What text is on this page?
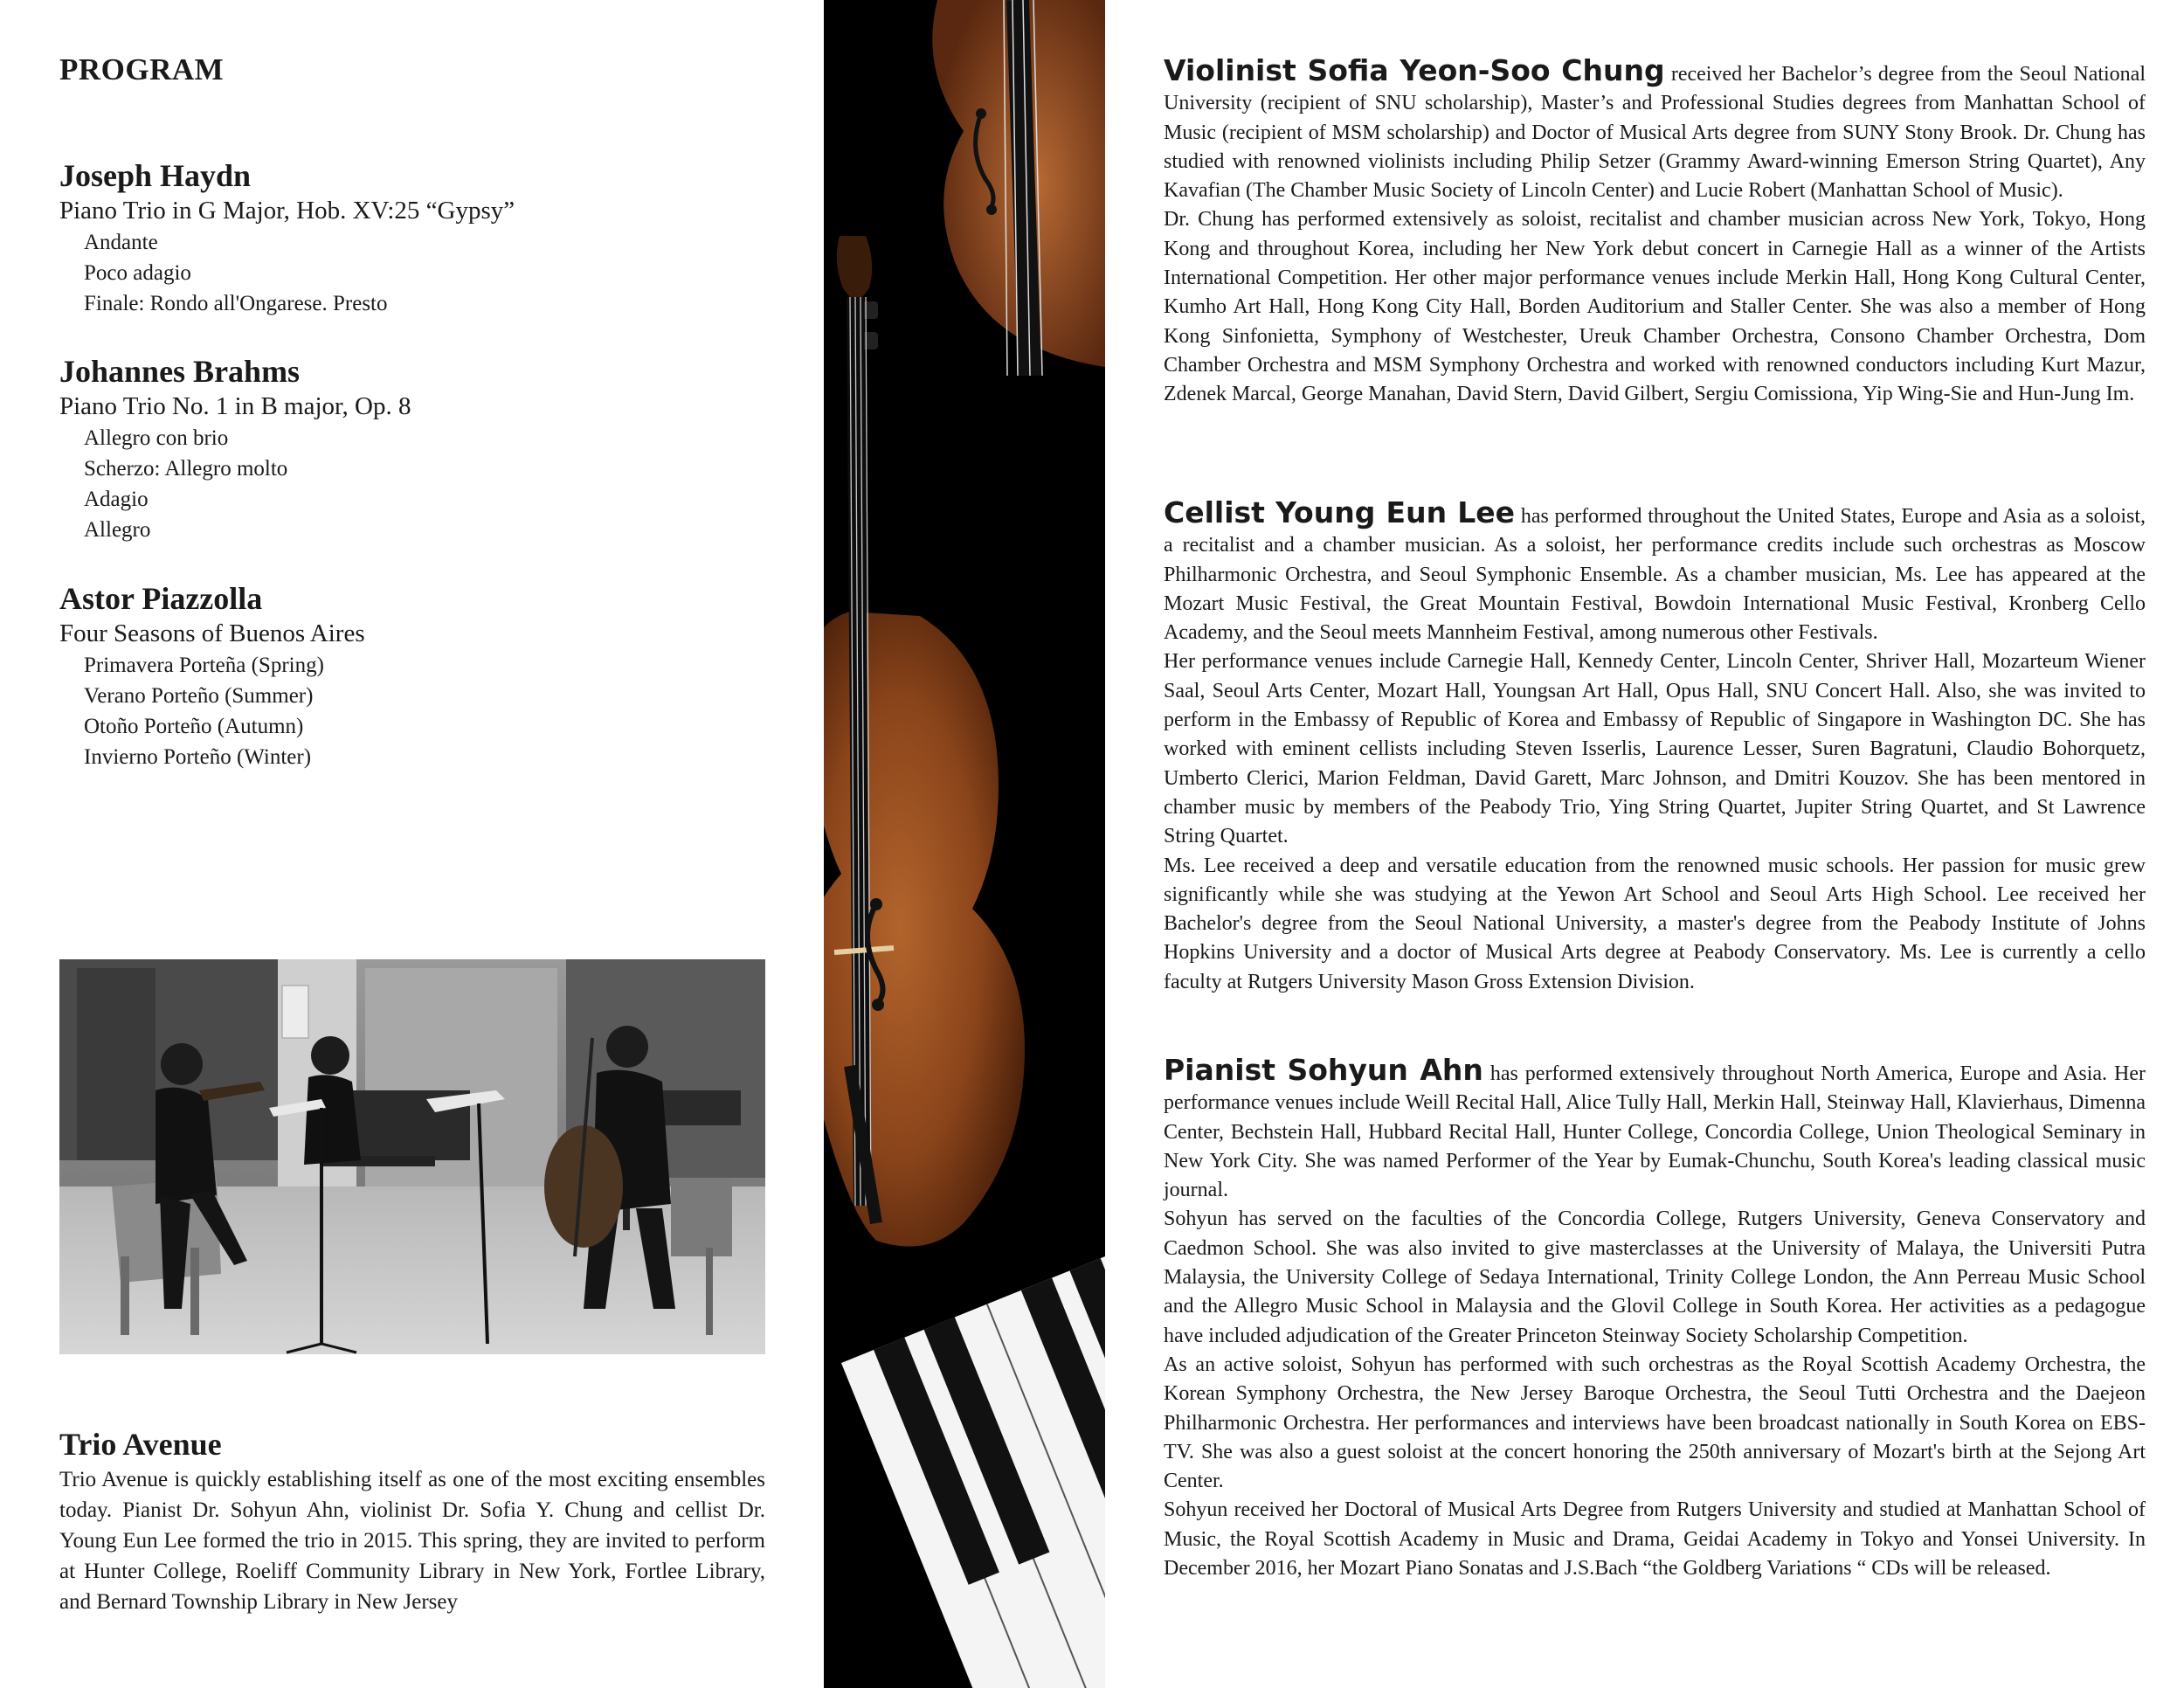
PROGRAM
Joseph Haydn
Piano Trio in G Major, Hob. XV:25 “Gypsy”
Andante
Poco adagio
Finale: Rondo all'Ongarese. Presto
Johannes Brahms
Piano Trio No. 1 in B major, Op. 8
Allegro con brio
Scherzo: Allegro molto
Adagio
Allegro
Astor Piazzolla
Four Seasons of Buenos Aires
Primavera Porteña (Spring)
Verano Porteño (Summer)
Otoño Porteño (Autumn)
Invierno Porteño (Winter)
Trio Avenue
Trio Avenue is quickly establishing itself as one of the most exciting ensembles today. Pianist Dr. Sohyun Ahn, violinist Dr. Sofia Y. Chung and cellist Dr. Young Eun Lee formed the trio in 2015. This spring, they are invited to perform at Hunter College, Roeliff Community Library in New York, Fortlee Library, and Bernard Township Library in New Jersey

Violinist Sofia Yeon-Soo Chung received her Bachelor’s degree from the Seoul National University (recipient of SNU scholarship), Master’s and Professional Studies degrees from Manhattan School of Music (recipient of MSM scholarship) and Doctor of Musical Arts degree from SUNY Stony Brook. Dr. Chung has studied with renowned violinists including Philip Setzer (Grammy Award-winning Emerson String Quartet), Any Kavafian (The Chamber Music Society of Lincoln Center) and Lucie Robert (Manhattan School of Music).

Dr. Chung has performed extensively as soloist, recitalist and chamber musician across New York, Tokyo, Hong Kong and throughout Korea, including her New York debut concert in Carnegie Hall as a winner of the Artists International Competition. Her other major performance venues include Merkin Hall, Hong Kong Cultural Center, Kumho Art Hall, Hong Kong City Hall, Borden Auditorium and Staller Center. She was also a member of Hong Kong Sinfonietta, Symphony of Westchester, Ureuk Chamber Orchestra, Consono Chamber Orchestra, Dom Chamber Orchestra and MSM Symphony Orchestra and worked with renowned conductors including Kurt Mazur, Zdenek Marcal, George Manahan, David Stern, David Gilbert, Sergiu Comissiona, Yip Wing-Sie and Hun-Jung Im.

Cellist Young Eun Lee has performed throughout the United States, Europe and Asia as a soloist, a recitalist and a chamber musician. As a soloist, her performance credits include such orchestras as Moscow Philharmonic Orchestra, and Seoul Symphonic Ensemble. As a chamber musician, Ms. Lee has appeared at the Mozart Music Festival, the Great Mountain Festival, Bowdoin International Music Festival, Kronberg Cello Academy, and the Seoul meets Mannheim Festival, among numerous other Festivals.

Her performance venues include Carnegie Hall, Kennedy Center, Lincoln Center, Shriver Hall, Mozarteum Wiener Saal, Seoul Arts Center, Mozart Hall, Youngsan Art Hall, Opus Hall, SNU Concert Hall. Also, she was invited to perform in the Embassy of Republic of Korea and Embassy of Republic of Singapore in Washington DC. She has worked with eminent cellists including Steven Isserlis, Laurence Lesser, Suren Bagratuni, Claudio Bohorquetz, Umberto Clerici, Marion Feldman, David Garett, Marc Johnson, and Dmitri Kouzov. She has been mentored in chamber music by members of the Peabody Trio, Ying String Quartet, Jupiter String Quartet, and St Lawrence String Quartet.

Ms. Lee received a deep and versatile education from the renowned music schools. Her passion for music grew significantly while she was studying at the Yewon Art School and Seoul Arts High School. Lee received her Bachelor's degree from the Seoul National University, a master's degree from the Peabody Institute of Johns Hopkins University and a doctor of Musical Arts degree at Peabody Conservatory. Ms. Lee is currently a cello faculty at Rutgers University Mason Gross Extension Division.

Pianist Sohyun Ahn has performed extensively throughout North America, Europe and Asia. Her performance venues include Weill Recital Hall, Alice Tully Hall, Merkin Hall, Steinway Hall, Klavierhaus, Dimenna Center, Bechstein Hall, Hubbard Recital Hall, Hunter College, Concordia College, Union Theological Seminary in New York City. She was named Performer of the Year by Eumak-Chunchu, South Korea's leading classical music journal.

Sohyun has served on the faculties of the Concordia College, Rutgers University, Geneva Conservatory and Caedmon School. She was also invited to give masterclasses at the University of Malaya, the Universiti Putra Malaysia, the University College of Sedaya International, Trinity College London, the Ann Perreau Music School and the Allegro Music School in Malaysia and the Glovil College in South Korea. Her activities as a pedagogue have included adjudication of the Greater Princeton Steinway Society Scholarship Competition.

As an active soloist, Sohyun has performed with such orchestras as the Royal Scottish Academy Orchestra, the Korean Symphony Orchestra, the New Jersey Baroque Orchestra, the Seoul Tutti Orchestra and the Daejeon Philharmonic Orchestra. Her performances and interviews have been broadcast nationally in South Korea on EBS-TV. She was also a guest soloist at the concert honoring the 250th anniversary of Mozart's birth at the Sejong Art Center.

Sohyun received her Doctoral of Musical Arts Degree from Rutgers University and studied at Manhattan School of Music, the Royal Scottish Academy in Music and Drama, Geidai Academy in Tokyo and Yonsei University. In December 2016, her Mozart Piano Sonatas and J.S.Bach “the Goldberg Variations “ CDs will be released.
